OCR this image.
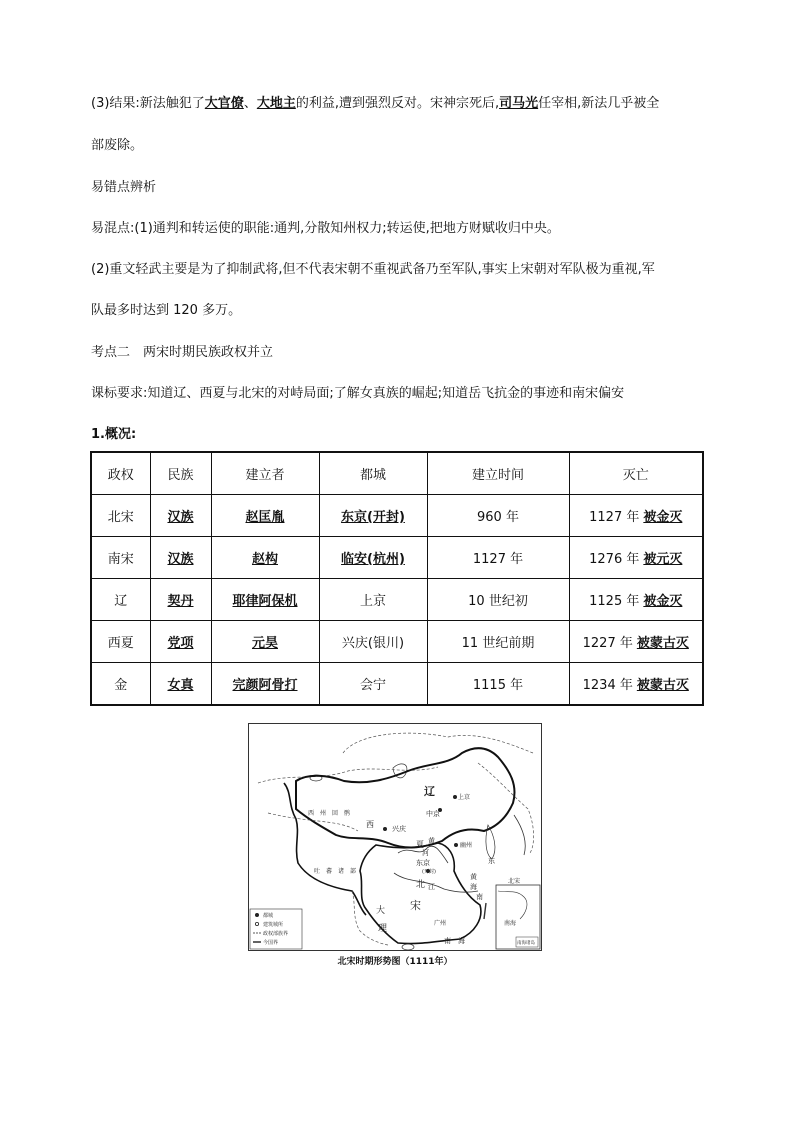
(3)结果:新法触犯了大官僚、大地主的利益,遭到强烈反对。宋神宗死后,司马光任宰相,新法几乎被全
部废除。
易错点辨析
易混点:(1)通判和转运使的职能:通判,分散知州权力;转运使,把地方财赋收归中央。
(2)重文轻武主要是为了抑制武将,但不代表宋朝不重视武备乃至军队,事实上宋朝对军队极为重视,军
队最多时达到 120 多万。
考点二　两宋时期民族政权并立
课标要求:知道辽、西夏与北宋的对峙局面;了解女真族的崛起;知道岳飞抗金的事迹和南宋偏安
1.概况:
政权	民族	建立者	都城	建立时间	灭亡
北宋	汉族	赵匡胤	东京(开封)	960 年	1127 年 被金灭
南宋	汉族	赵构	临安(杭州)	1127 年	1276 年 被元灭
辽	契丹	耶律阿保机	上京	10 世纪初	1125 年 被金灭
西夏	党项	元昊	兴庆(银川)	11 世纪前期	1227 年 被蒙古灭
金	女真	完颜阿骨打	会宁	1115 年	1234 年 被蒙古灭
辽	上京
中京
西
夏
兴庆
河
黄
幽州
东京
(开封)
北 江
宋
大
理
广州
黄
海
东
南
南　海
西　州　回　鹘
吐　蕃　诸　部
都城
建筑城所
政权部族界
今国界
北宋
南海
南海诸岛
北宋时期形势图（1111年）
